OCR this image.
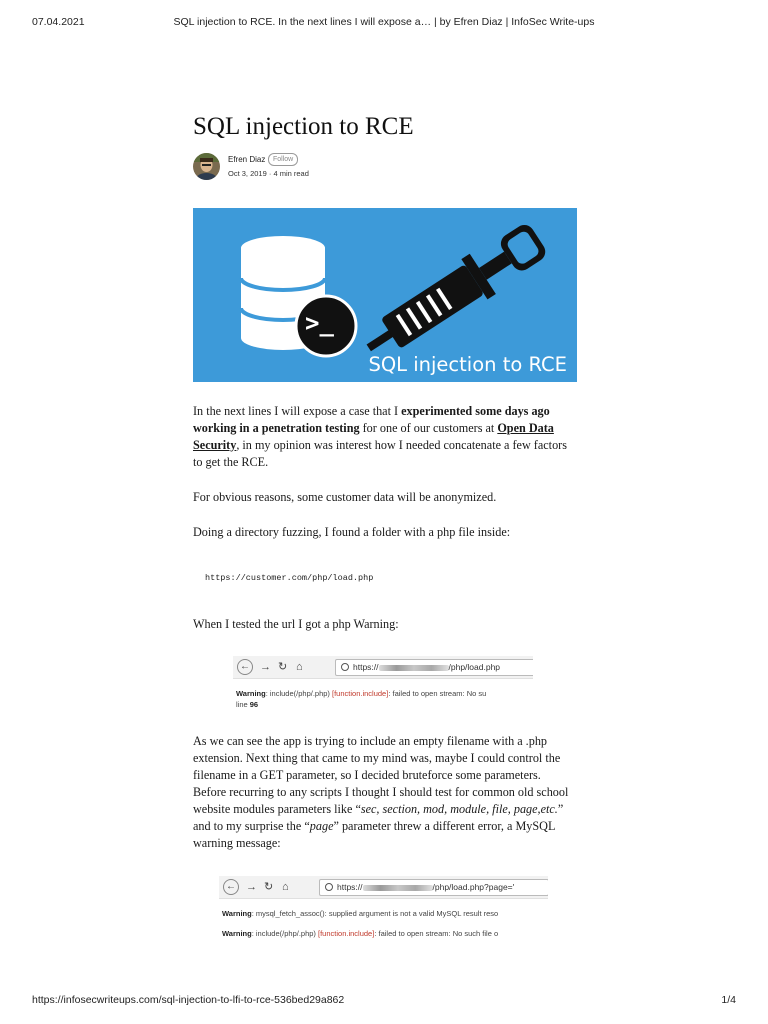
07.04.2021	SQL injection to RCE. In the next lines I will expose a… | by Efren Diaz | InfoSec Write-ups
SQL injection to RCE
Efren Diaz	Follow
Oct 3, 2019 · 4 min read
>_
SQL injection to RCE

In the next lines I will expose a case that I experimented some days ago working in a penetration testing for one of our customers at Open Data Security, in my opinion was interest how I needed concatenate a few factors to get the RCE.

For obvious reasons, some customer data will be anonymized.

Doing a directory fuzzing, I found a folder with a php file inside:

https://customer.com/php/load.php

When I tested the url I got a php Warning:

As we can see the app is trying to include an empty filename with a .php extension. Next thing that came to my mind was, maybe I could control the filename in a GET parameter, so I decided bruteforce some parameters. Before recurring to any scripts I thought I should test for common old school website modules parameters like “sec, section, mod, module, file, page,etc.” and to my surprise the “page” parameter threw a different error, a MySQL warning message:

← → ↻ ⌂	https://	/php/load.php
Warning: include(/php/.php) [function.include]: failed to open stream: No su
line 96
← → ↻ ⌂	https://	/php/load.php?page='
Warning: mysql_fetch_assoc(): supplied argument is not a valid MySQL result reso
Warning: include(/php/.php) [function.include]: failed to open stream: No such file o
https://infosecwriteups.com/sql-injection-to-lfi-to-rce-536bed29a862	1/4
